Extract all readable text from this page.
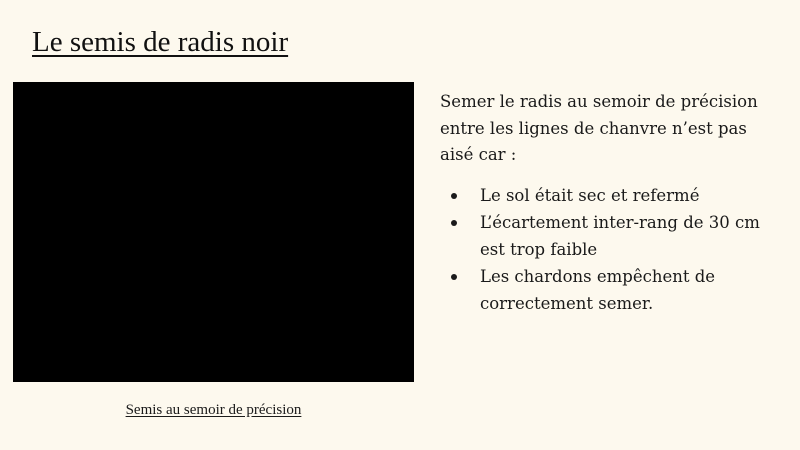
Le semis de radis noir
Semis au semoir de précision

Semer le radis au semoir de précision entre les lignes de chanvre n’est pas aisé car :

Le sol était sec et refermé
L’écartement inter-rang de 30 cm est trop faible
Les chardons empêchent de correctement semer.
